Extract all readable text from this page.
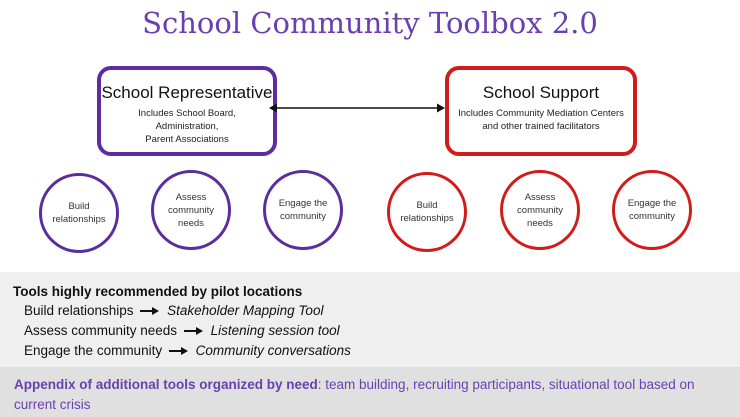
School Community Toolbox 2.0
School Representative
Includes School Board, Administration,
Parent Associations
School Support
Includes Community Mediation Centers
and other trained facilitators
Build
relationships
Assess
community
needs
Engage the
community
Build
relationships
Assess
community
needs
Engage the
community
Tools highly recommended by pilot locations
Build relationships Stakeholder Mapping Tool
Assess community needs Listening session tool
Engage the community Community conversations
Appendix of additional tools organized by need: team building, recruiting participants, situational tool based on current crisis
